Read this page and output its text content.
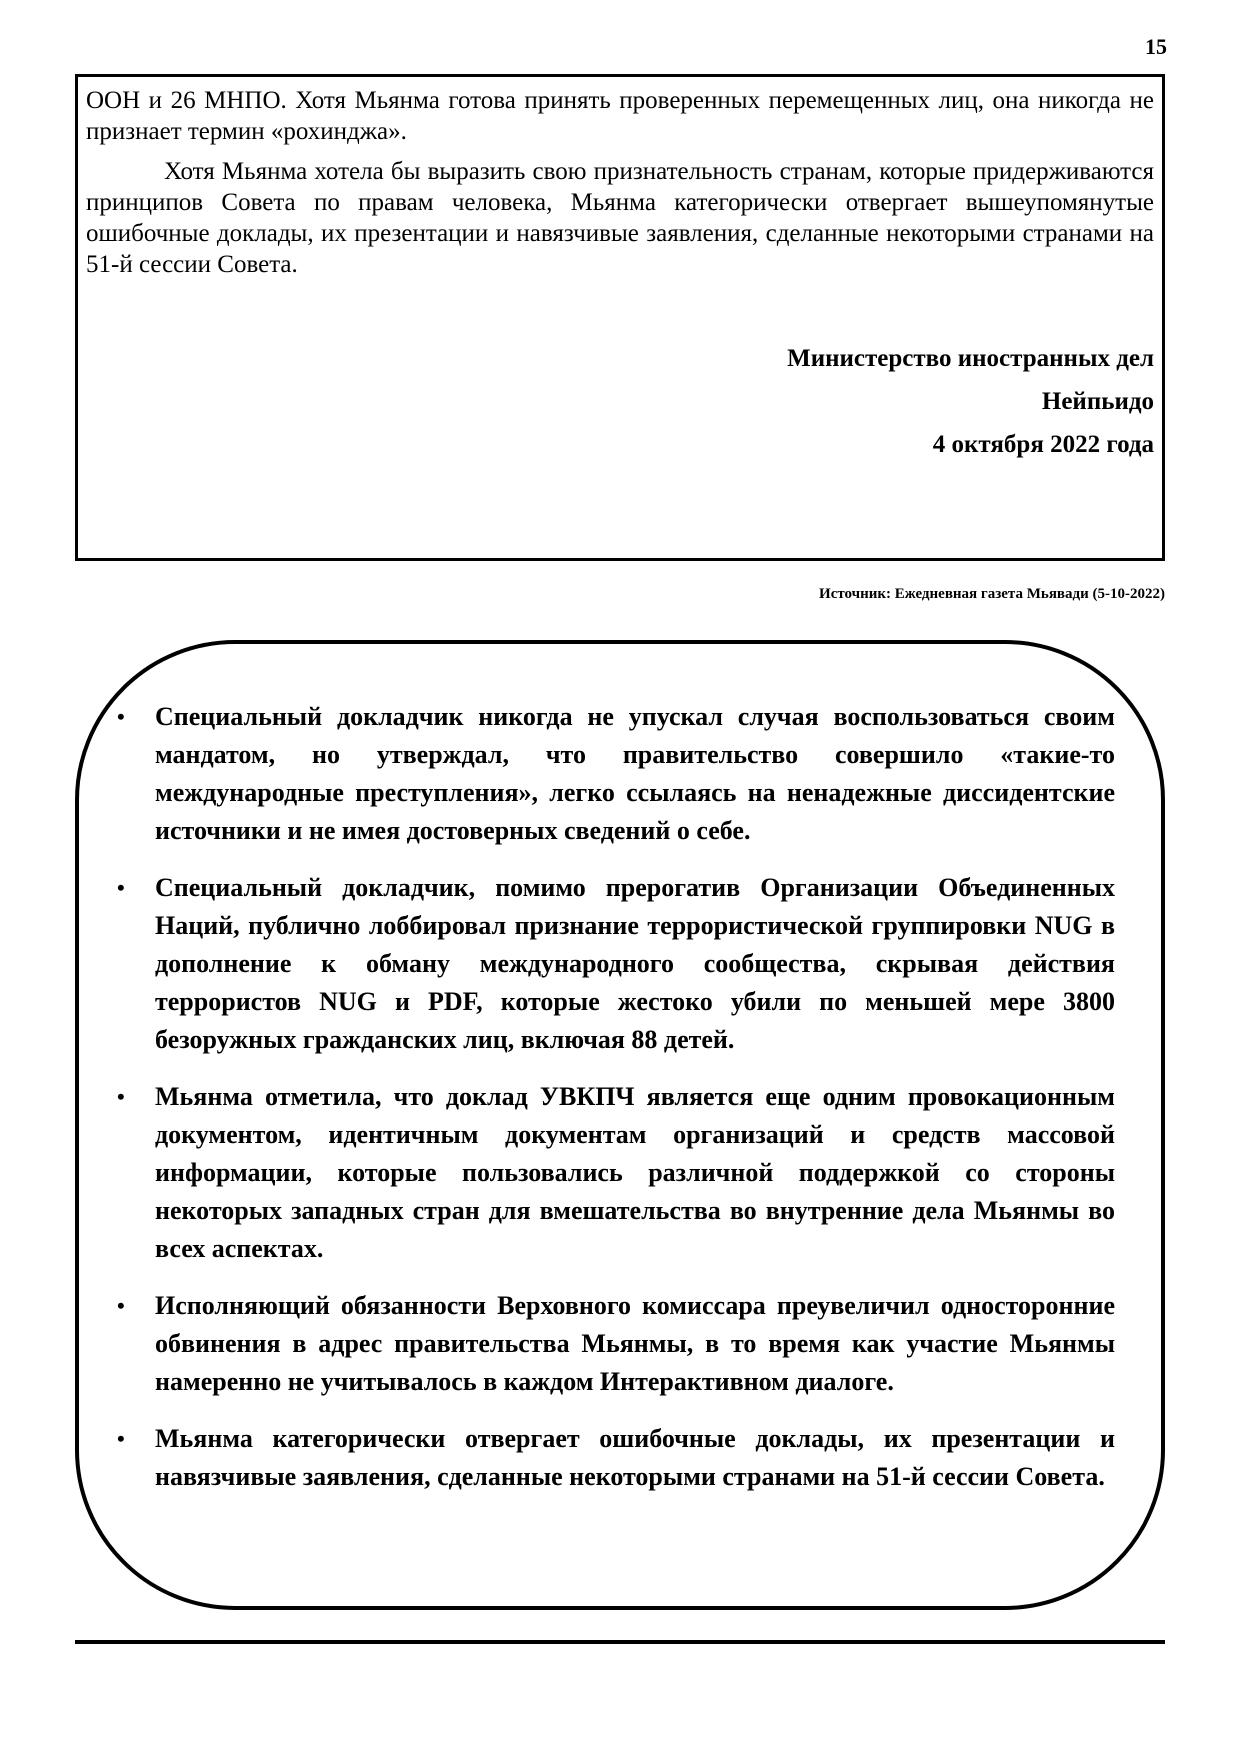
15

ООН и 26 МНПО. Хотя Мьянма готова принять проверенных перемещенных лиц, она никогда не признает термин «рохинджа».

Хотя Мьянма хотела бы выразить свою признательность странам, которые придерживаются принципов Совета по правам человека, Мьянма категорически отвергает вышеупомянутые ошибочные доклады, их презентации и навязчивые заявления, сделанные некоторыми странами на 51-й сессии Совета.

Министерство иностранных дел
Нейпьидо
4 октября 2022 года
Источник: Ежедневная газета Мьявади (5-10-2022)
• Специальный докладчик никогда не упускал случая воспользоваться своим мандатом, но утверждал, что правительство совершило «такие-то международные преступления», легко ссылаясь на ненадежные диссидентские источники и не имея достоверных сведений о себе.
• Специальный докладчик, помимо прерогатив Организации Объединенных Наций, публично лоббировал признание террористической группировки NUG в дополнение к обману международного сообщества, скрывая действия террористов NUG и PDF, которые жестоко убили по меньшей мере 3800 безоружных гражданских лиц, включая 88 детей.
• Мьянма отметила, что доклад УВКПЧ является еще одним провокационным документом, идентичным документам организаций и средств массовой информации, которые пользовались различной поддержкой со стороны некоторых западных стран для вмешательства во внутренние дела Мьянмы во всех аспектах.
• Исполняющий обязанности Верховного комиссара преувеличил односторонние обвинения в адрес правительства Мьянмы, в то время как участие Мьянмы намеренно не учитывалось в каждом Интерактивном диалоге.
• Мьянма категорически отвергает ошибочные доклады, их презентации и навязчивые заявления, сделанные некоторыми странами на 51-й сессии Совета.
